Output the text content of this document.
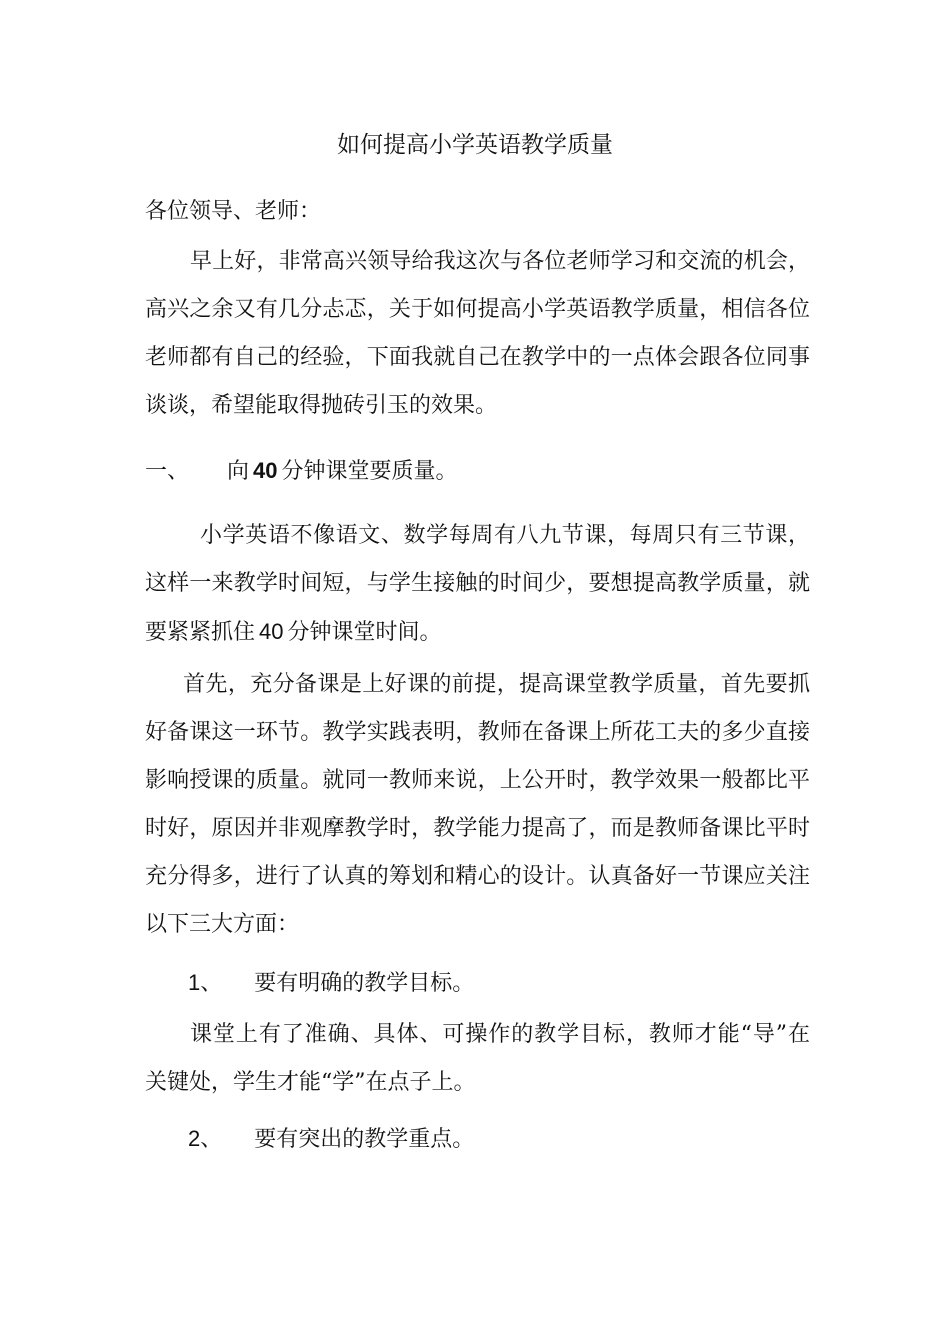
如何提高小学英语教学质量
各位领导、老师：
早上好，非常高兴领导给我这次与各位老师学习和交流的机会，
高兴之余又有几分忐忑，关于如何提高小学英语教学质量，相信各位
老师都有自己的经验，下面我就自己在教学中的一点体会跟各位同事
谈谈，希望能取得抛砖引玉的效果。
一、 向 40 分钟课堂要质量。
小学英语不像语文、数学每周有八九节课，每周只有三节课，
这样一来教学时间短，与学生接触的时间少，要想提高教学质量，就
要紧紧抓住 40 分钟课堂时间。
首先，充分备课是上好课的前提，提高课堂教学质量，首先要抓
好备课这一环节。教学实践表明，教师在备课上所花工夫的多少直接
影响授课的质量。就同一教师来说，上公开时，教学效果一般都比平
时好，原因并非观摩教学时，教学能力提高了，而是教师备课比平时
充分得多，进行了认真的筹划和精心的设计。认真备好一节课应关注
以下三大方面：
1、 要有明确的教学目标。
课堂上有了准确、具体、可操作的教学目标，教师才能“导”在
关键处，学生才能“学”在点子上。
2、 要有突出的教学重点。
